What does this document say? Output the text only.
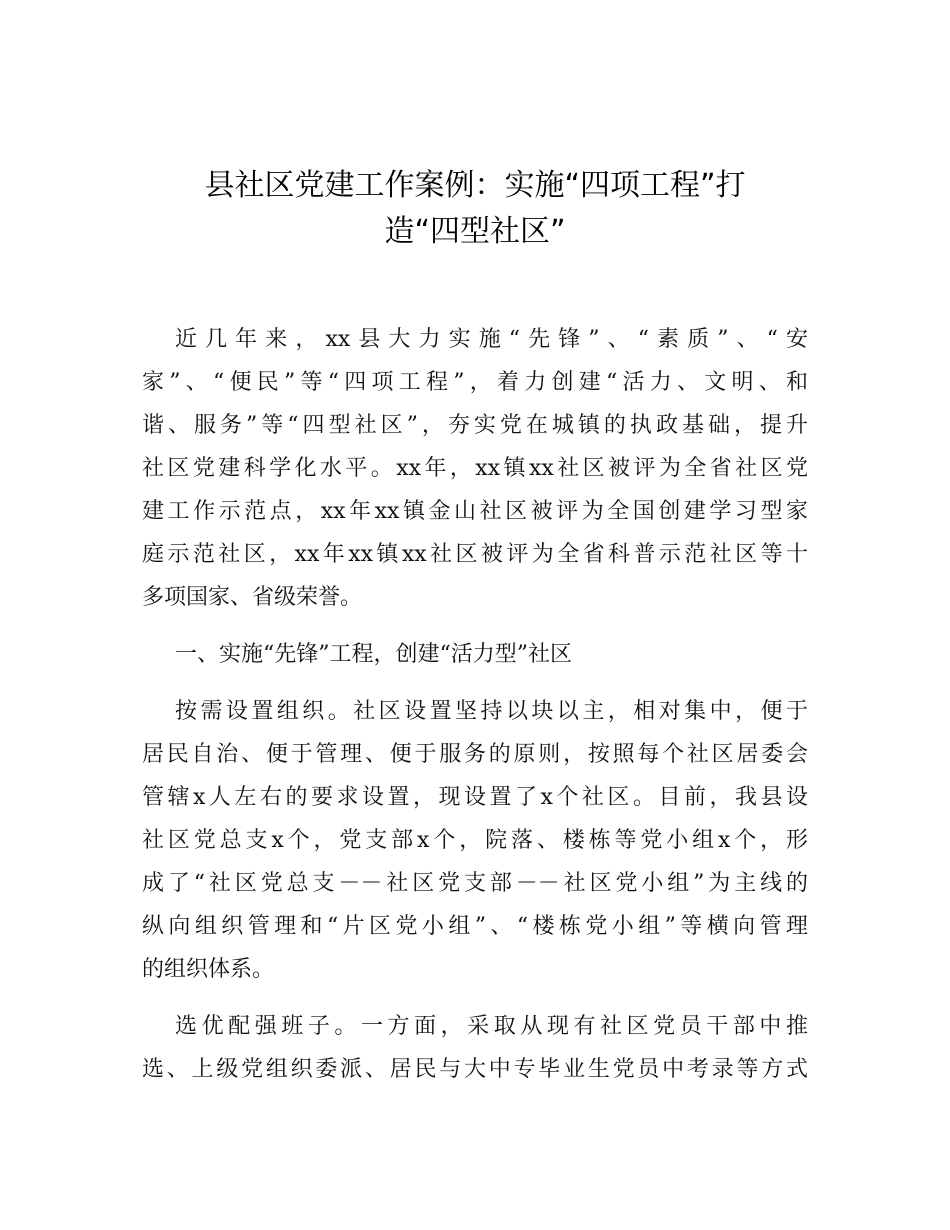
县社区党建工作案例：实施“四项工程”打
造“四型社区”
近几年来，xx县大力实施“先锋”、“素质”、“安
家”、“便民”等“四项工程”，着力创建“活力、文明、和
谐、服务”等“四型社区”，夯实党在城镇的执政基础，提升
社区党建科学化水平。xx年，xx镇xx社区被评为全省社区党
建工作示范点，xx年xx镇金山社区被评为全国创建学习型家
庭示范社区，xx年xx镇xx社区被评为全省科普示范社区等十
多项国家、省级荣誉。
一、实施“先锋”工程，创建“活力型”社区
按需设置组织。社区设置坚持以块以主，相对集中，便于
居民自治、便于管理、便于服务的原则，按照每个社区居委会
管辖x人左右的要求设置，现设置了x个社区。目前，我县设
社区党总支x个，党支部x个，院落、楼栋等党小组x个，形
成了“社区党总支－－社区党支部－－社区党小组”为主线的
纵向组织管理和“片区党小组”、“楼栋党小组”等横向管理
的组织体系。
选优配强班子。一方面，采取从现有社区党员干部中推
选、上级党组织委派、居民与大中专毕业生党员中考录等方式
